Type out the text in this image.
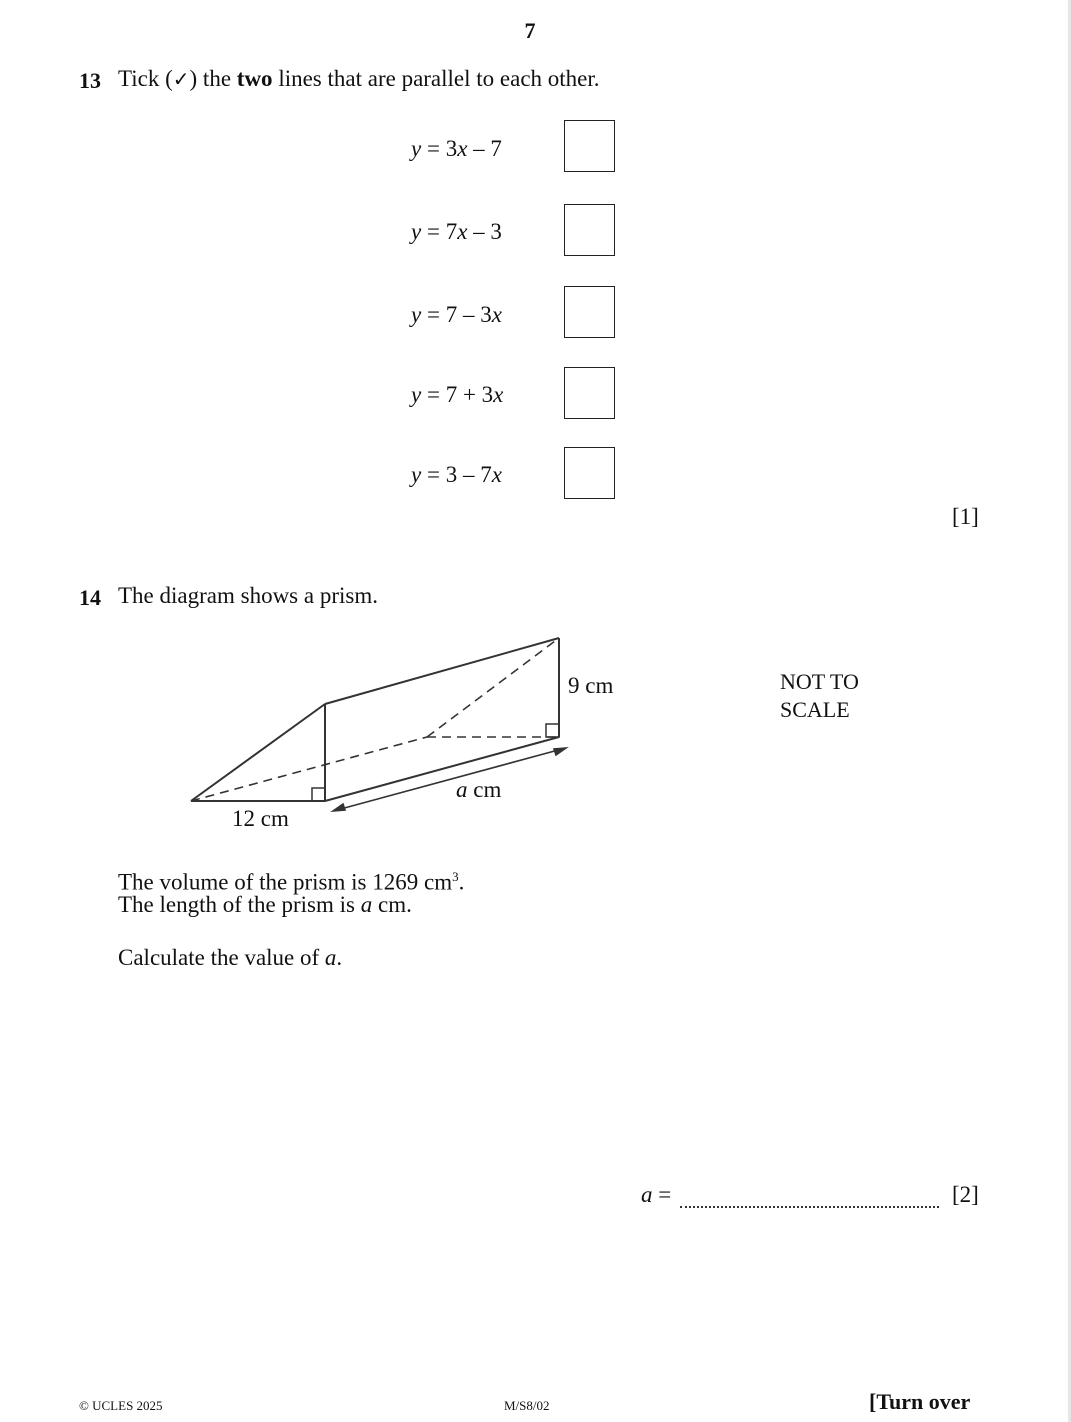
7
13 Tick (✓) the two lines that are parallel to each other.
y = 3x – 7
y = 7x – 3
y = 7 – 3x
y = 7 + 3x
y = 3 – 7x
[1]
14 The diagram shows a prism.
9 cm
a cm
12 cm
NOT TO
SCALE
The volume of the prism is 1269 $cm^3$.
The length of the prism is a cm.
Calculate the value of a.
a =	[2]
© UCLES 2025	M/S8/02	[Turn over
